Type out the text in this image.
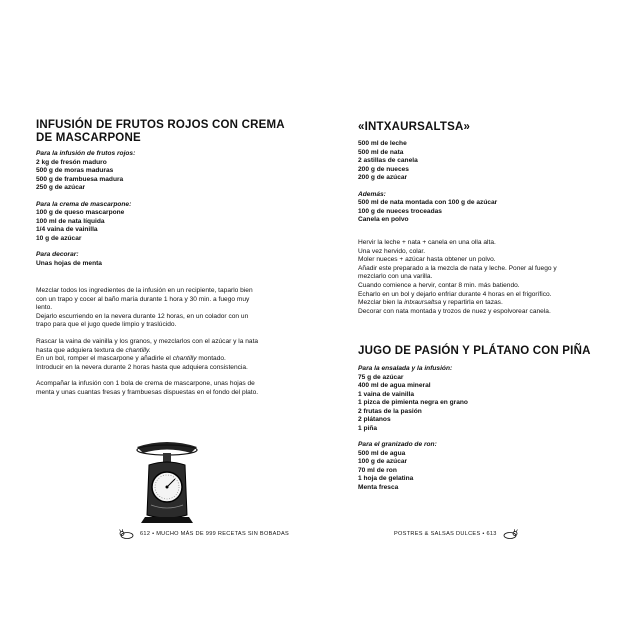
INFUSIÓN DE FRUTOS ROJOS CON CREMA
DE MASCARPONE
Para la infusión de frutos rojos:
2 kg de fresón maduro
500 g de moras maduras
500 g de frambuesa madura
250 g de azúcar
Para la crema de mascarpone:
100 g de queso mascarpone
100 ml de nata líquida
1/4 vaina de vainilla
10 g de azúcar
Para decorar:
Unas hojas de menta
Mezclar todos los ingredientes de la infusión en un recipiente, taparlo bien
con un trapo y cocer al baño maría durante 1 hora y 30 min. a fuego muy
lento.
Dejarlo escurriendo en la nevera durante 12 horas, en un colador con un
trapo para que el jugo quede limpio y traslúcido.
Rascar la vaina de vainilla y los granos, y mezclarlos con el azúcar y la nata
hasta que adquiera textura de chantilly.
En un bol, romper el mascarpone y añadirle el chantilly montado.
Introducir en la nevera durante 2 horas hasta que adquiera consistencia.
Acompañar la infusión con 1 bola de crema de mascarpone, unas hojas de
menta y unas cuantas fresas y frambuesas dispuestas en el fondo del plato.
612 • MUCHO MÁS DE 999 RECETAS SIN BOBADAS
«INTXAURSALTSA»
500 ml de leche
500 ml de nata
2 astillas de canela
200 g de nueces
200 g de azúcar
Además:
500 ml de nata montada con 100 g de azúcar
100 g de nueces troceadas
Canela en polvo
Hervir la leche + nata + canela en una olla alta.
Una vez hervido, colar.
Moler nueces + azúcar hasta obtener un polvo.
Añadir este preparado a la mezcla de nata y leche. Poner al fuego y
mezclarlo con una varilla.
Cuando comience a hervir, contar 8 min. más batiendo.
Echarlo en un bol y dejarlo enfriar durante 4 horas en el frigorífico.
Mezclar bien la intxaursaltsa y repartirla en tazas.
Decorar con nata montada y trozos de nuez y espolvorear canela.
JUGO DE PASIÓN Y PLÁTANO CON PIÑA
Para la ensalada y la infusión:
75 g de azúcar
400 ml de agua mineral
1 vaina de vainilla
1 pizca de pimienta negra en grano
2 frutas de la pasión
2 plátanos
1 piña
Para el granizado de ron:
500 ml de agua
100 g de azúcar
70 ml de ron
1 hoja de gelatina
Menta fresca
POSTRES & SALSAS DULCES • 613
